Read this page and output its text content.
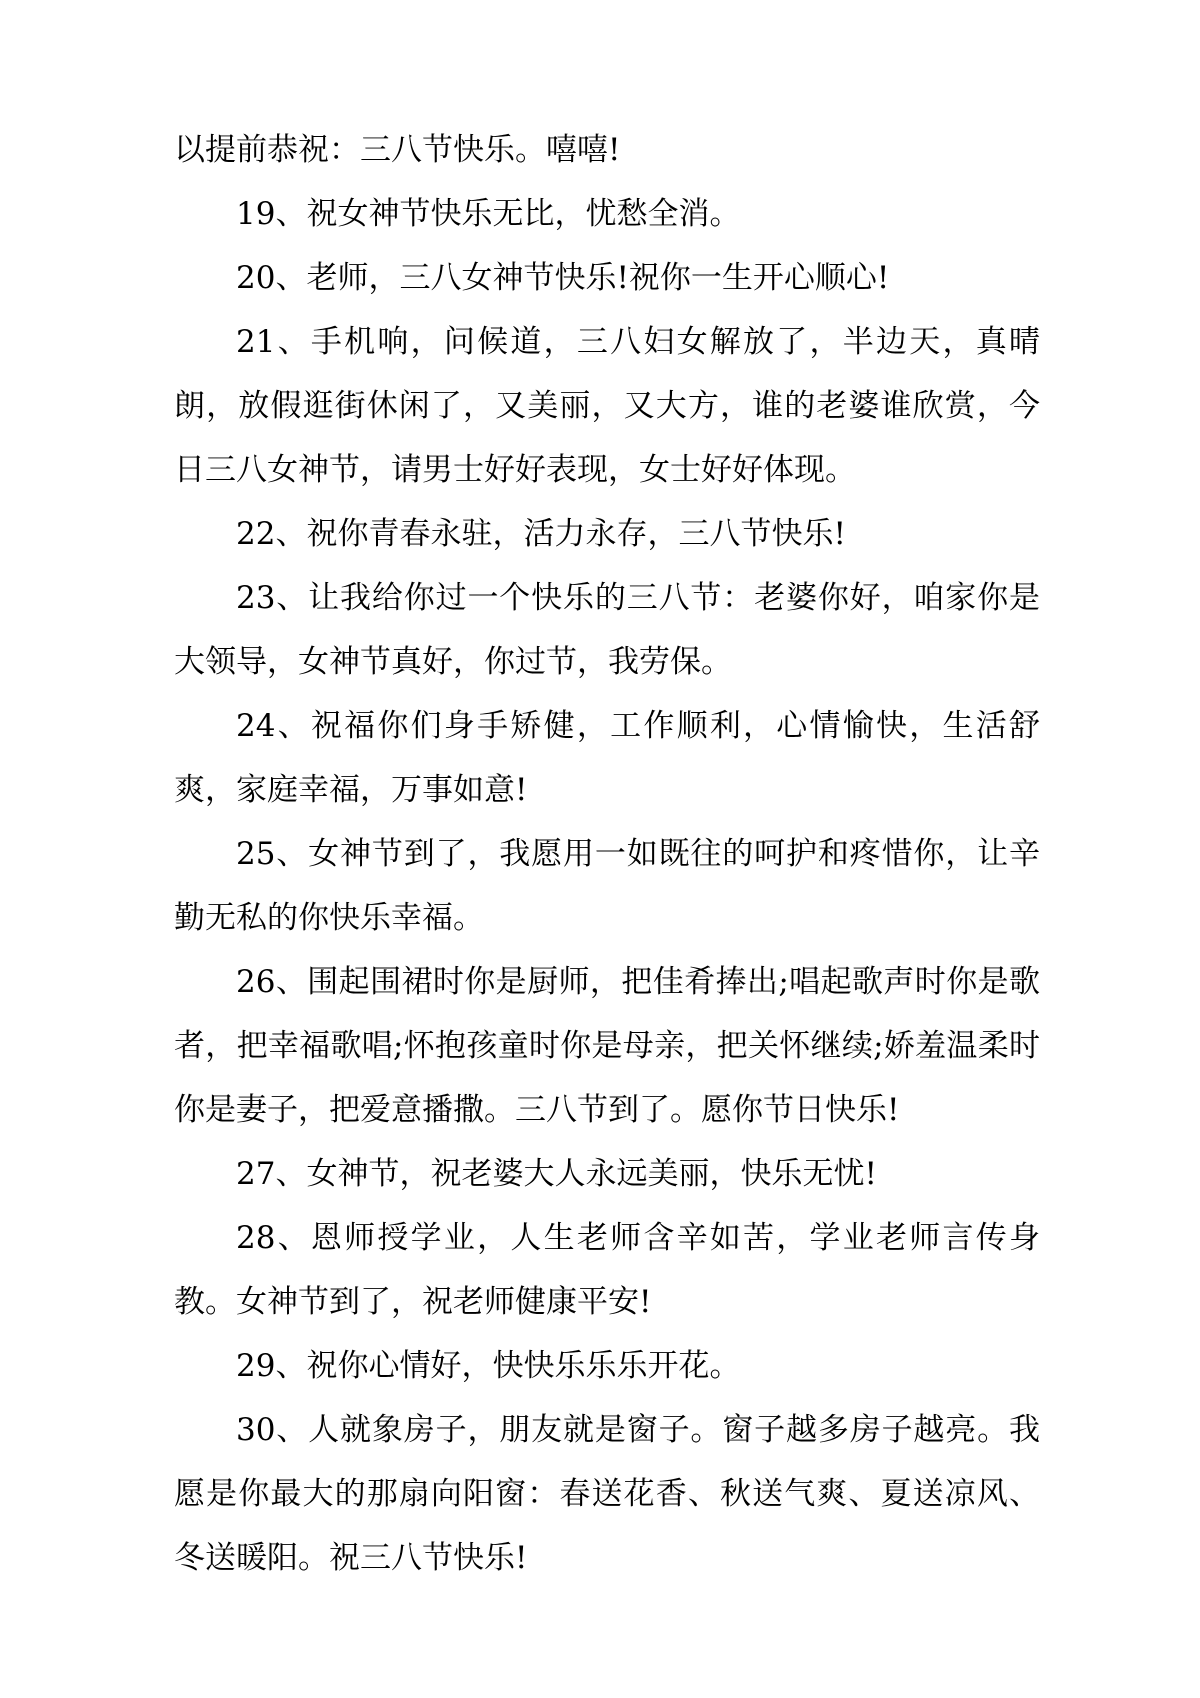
以提前恭祝：三八节快乐。嘻嘻!

19、祝女神节快乐无比，忧愁全消。

20、老师，三八女神节快乐!祝你一生开心顺心!

21、手机响，问候道，三八妇女解放了，半边天，真晴朗，放假逛街休闲了，又美丽，又大方，谁的老婆谁欣赏，今日三八女神节，请男士好好表现，女士好好体现。

22、祝你青春永驻，活力永存，三八节快乐!

23、让我给你过一个快乐的三八节：老婆你好，咱家你是大领导，女神节真好，你过节，我劳保。

24、祝福你们身手矫健，工作顺利，心情愉快，生活舒爽，家庭幸福，万事如意!

25、女神节到了，我愿用一如既往的呵护和疼惜你，让辛勤无私的你快乐幸福。

26、围起围裙时你是厨师，把佳肴捧出;唱起歌声时你是歌者，把幸福歌唱;怀抱孩童时你是母亲，把关怀继续;娇羞温柔时你是妻子，把爱意播撒。三八节到了。愿你节日快乐!

27、女神节，祝老婆大人永远美丽，快乐无忧!

28、恩师授学业，人生老师含辛如苦，学业老师言传身教。女神节到了，祝老师健康平安!

29、祝你心情好，快快乐乐乐开花。

30、人就象房子，朋友就是窗子。窗子越多房子越亮。我愿是你最大的那扇向阳窗：春送花香、秋送气爽、夏送凉风、冬送暖阳。祝三八节快乐!
